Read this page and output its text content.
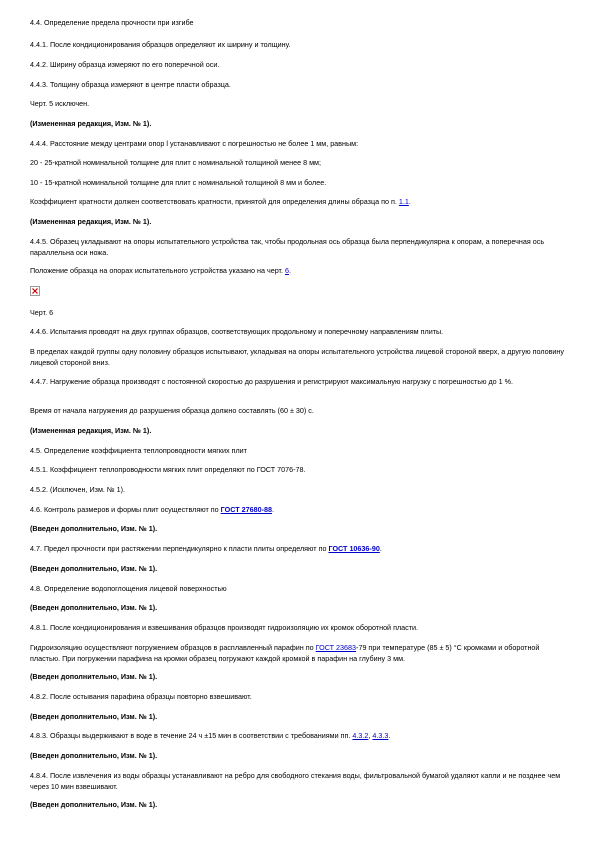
4.4. Определение предела прочности при изгибе
4.4.1. После кондиционирования образцов определяют их ширину и толщину.
4.4.2. Ширину образца измеряют по его поперечной оси.
4.4.3. Толщину образца измеряют в центре пласти образца.
Черт. 5 исключен.
(Измененная редакция, Изм. № 1).
4.4.4. Расстояние между центрами опор l устанавливают с погрешностью не более 1 мм, равным:
20 - 25-кратной номинальной толщине для плит с номинальной толщиной менее 8 мм;
10 - 15-кратной номинальной толщине для плит с номинальной толщиной 8 мм и более.
Коэффициент кратности должен соответствовать кратности, принятой для определения длины образца по п. 1.1.
(Измененная редакция, Изм. № 1).
4.4.5. Образец укладывают на опоры испытательного устройства так, чтобы продольная ось образца была перпендикулярна к опорам, а поперечная ось параллельна оси ножа.
Положение образца на опорах испытательного устройства указано на черт. 6.
Черт. 6
4.4.6. Испытания проводят на двух группах образцов, соответствующих продольному и поперечному направлениям плиты.
В пределах каждой группы одну половину образцов испытывают, укладывая на опоры испытательного устройства лицевой стороной вверх, а другую половину лицевой стороной вниз.
4.4.7. Нагружение образца производят с постоянной скоростью до разрушения и регистрируют максимальную нагрузку с погрешностью до 1 %.
Время от начала нагружения до разрушения образца должно составлять (60 ± 30) с.
(Измененная редакция, Изм. № 1).
4.5. Определение коэффициента теплопроводности мягких плит
4.5.1. Коэффициент теплопроводности мягких плит определяют по ГОСТ 7076-78.
4.5.2. (Исключен, Изм. № 1).
4.6. Контроль размеров и формы плит осуществляют по ГОСТ 27680-88.
(Введен дополнительно, Изм. № 1).
4.7. Предел прочности при растяжении перпендикулярно к пласти плиты определяют по ГОСТ 10636-90.
(Введен дополнительно, Изм. № 1).
4.8. Определение водопоглощения лицевой поверхностью
(Введен дополнительно, Изм. № 1).
4.8.1. После кондиционирования и взвешивания образцов производят гидроизоляцию их кромок оборотной пласти.
Гидроизоляцию осуществляют погружением образцов в расплавленный парафин по ГОСТ 23683-79 при температуре (85 ± 5) °С кромками и оборотной пластью. При погружении парафина на кромки образец погружают каждой кромкой в парафин на глубину 3 мм.
(Введен дополнительно, Изм. № 1).
4.8.2. После остывания парафина образцы повторно взвешивают.
(Введен дополнительно, Изм. № 1).
4.8.3. Образцы выдерживают в воде в течение 24 ч ±15 мин в соответствии с требованиями пп. 4.3.2, 4.3.3.
(Введен дополнительно, Изм. № 1).
4.8.4. После извлечения из воды образцы устанавливают на ребро для свободного стекания воды, фильтровальной бумагой удаляют капли и не позднее чем через 10 мин взвешивают.
(Введен дополнительно, Изм. № 1).
